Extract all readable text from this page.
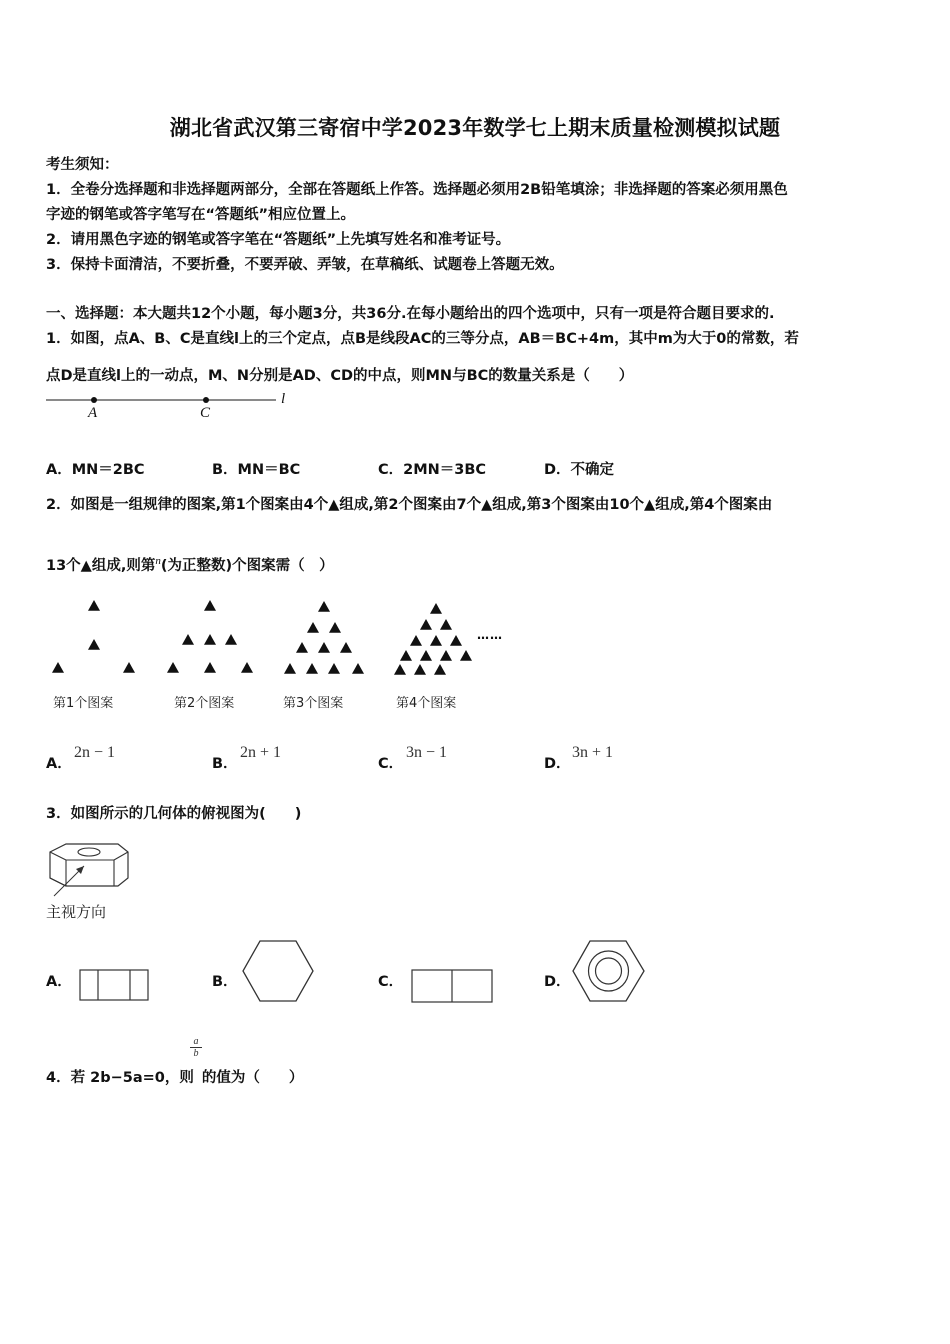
湖北省武汉第三寄宿中学2023年数学七上期末质量检测模拟试题
考生须知：
1．全卷分选择题和非选择题两部分，全部在答题纸上作答。选择题必须用2B铅笔填涂；非选择题的答案必须用黑色
字迹的钢笔或答字笔写在“答题纸”相应位置上。
2．请用黑色字迹的钢笔或答字笔在“答题纸”上先填写姓名和准考证号。
3．保持卡面清洁，不要折叠，不要弄破、弄皱，在草稿纸、试题卷上答题无效。
一、选择题：本大题共12个小题，每小题3分，共36分.在每小题给出的四个选项中，只有一项是符合题目要求的.
1．如图，点A、B、C是直线l上的三个定点，点B是线段AC的三等分点，AB＝BC+4m，其中m为大于0的常数，若
点D是直线l上的一动点，M、N分别是AD、CD的中点，则MN与BC的数量关系是（　　）
A	C
l
A．MN＝2BC	B．MN＝BC	C．2MN＝3BC	D．不确定
2．如图是一组规律的图案,第1个图案由4个▲组成,第2个图案由7个▲组成,第3个图案由10个▲组成,第4个图案由
13个▲组成,则第$^n$(为正整数)个图案需（　）
……
第1个图案	第2个图案	第3个图案	第4个图案
A．
2n − 1
B．
2n + 1
C．
3n − 1
D．
3n + 1
3．如图所示的几何体的俯视图为(　　)
主视方向
A．	B．	C．	D．
4．若 2b−5a=0，则 的值为（　　）
$\frac{a}{b}$
